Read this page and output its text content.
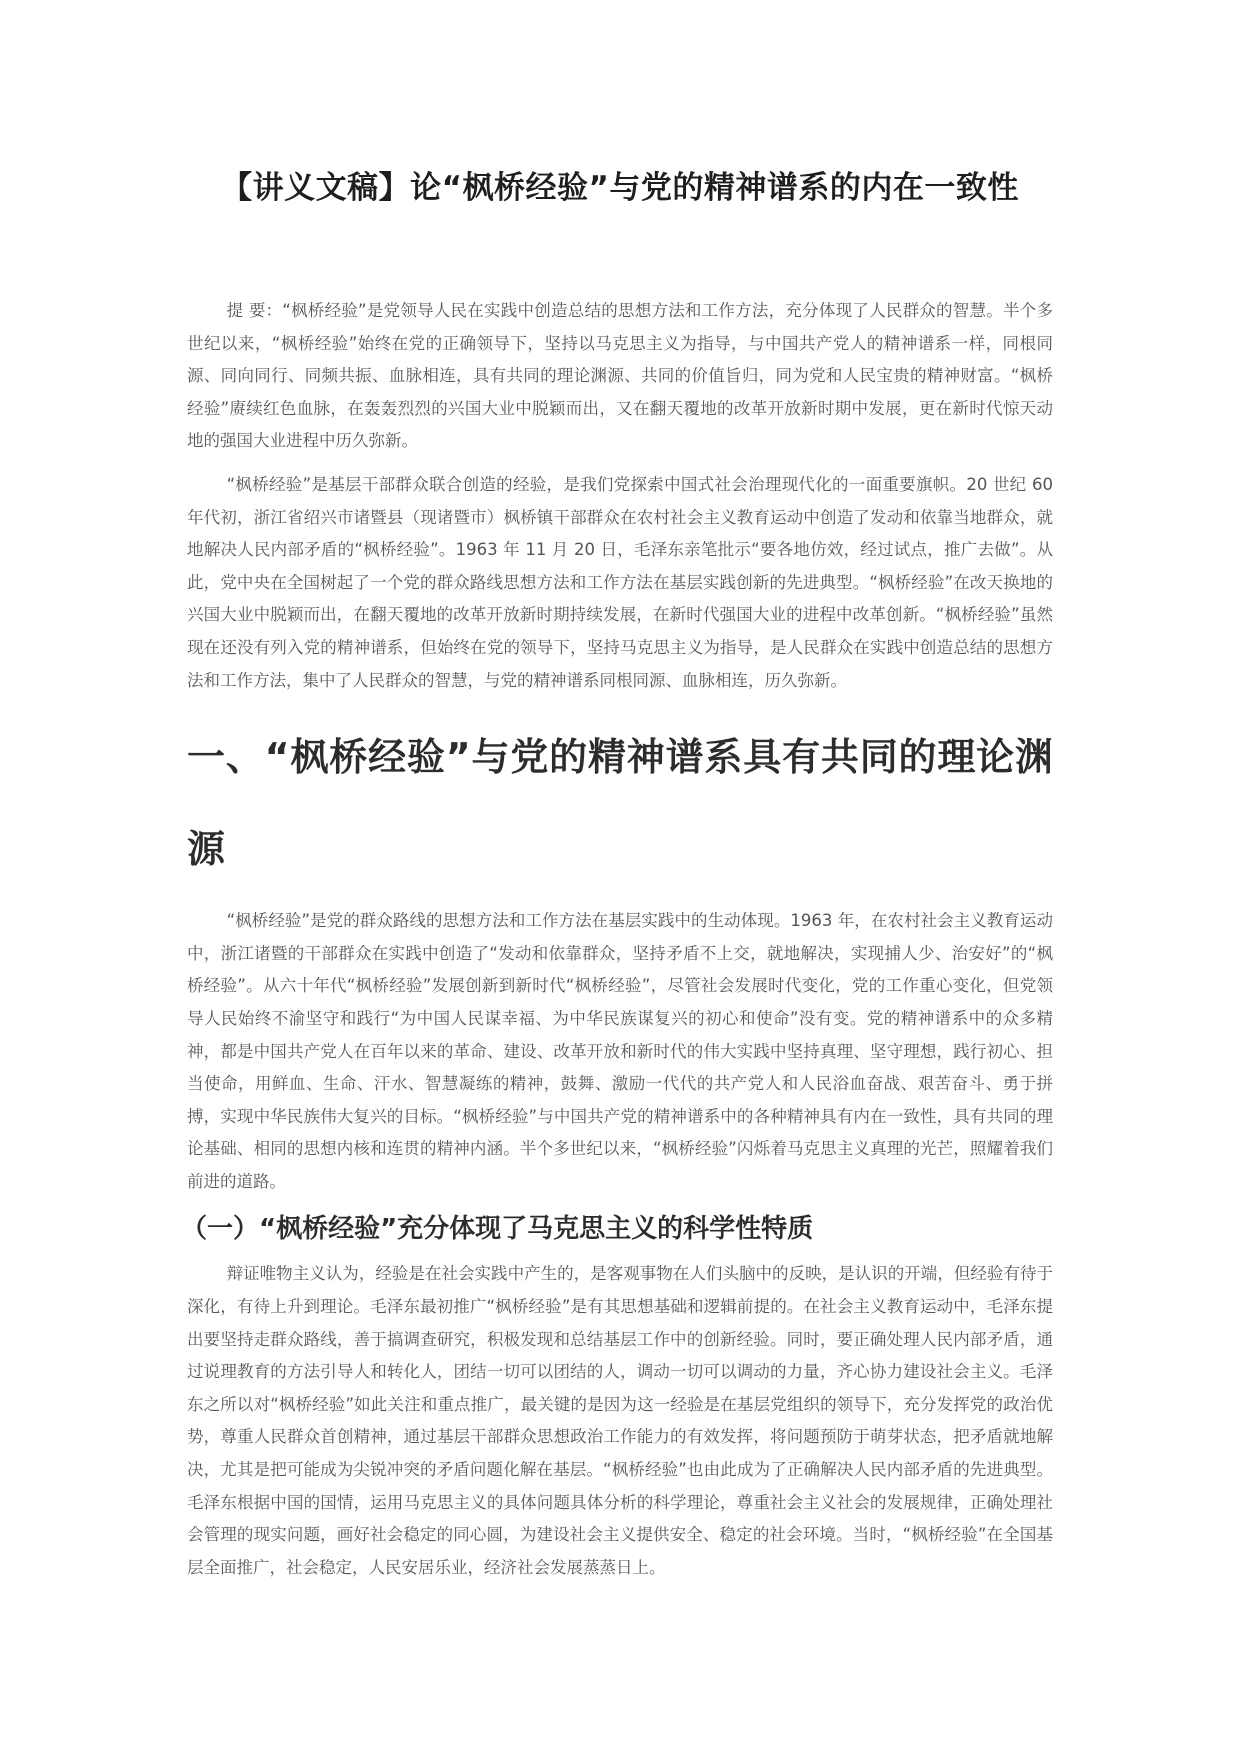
【讲义文稿】论“枫桥经验”与党的精神谱系的内在一致性

提 要：“枫桥经验”是党领导人民在实践中创造总结的思想方法和工作方法，充分体现了人民群众的智慧。半个多世纪以来，“枫桥经验”始终在党的正确领导下，坚持以马克思主义为指导，与中国共产党人的精神谱系一样，同根同源、同向同行、同频共振、血脉相连，具有共同的理论渊源、共同的价值旨归，同为党和人民宝贵的精神财富。“枫桥经验”赓续红色血脉，在轰轰烈烈的兴国大业中脱颖而出，又在翻天覆地的改革开放新时期中发展，更在新时代惊天动地的强国大业进程中历久弥新。

“枫桥经验”是基层干部群众联合创造的经验，是我们党探索中国式社会治理现代化的一面重要旗帜。20 世纪 60 年代初，浙江省绍兴市诸暨县（现诸暨市）枫桥镇干部群众在农村社会主义教育运动中创造了发动和依靠当地群众，就地解决人民内部矛盾的“枫桥经验”。1963 年 11 月 20 日，毛泽东亲笔批示“要各地仿效，经过试点，推广去做”。从此，党中央在全国树起了一个党的群众路线思想方法和工作方法在基层实践创新的先进典型。“枫桥经验”在改天换地的兴国大业中脱颖而出，在翻天覆地的改革开放新时期持续发展，在新时代强国大业的进程中改革创新。“枫桥经验”虽然现在还没有列入党的精神谱系，但始终在党的领导下，坚持马克思主义为指导，是人民群众在实践中创造总结的思想方法和工作方法，集中了人民群众的智慧，与党的精神谱系同根同源、血脉相连，历久弥新。

一、“枫桥经验”与党的精神谱系具有共同的理论渊源

“枫桥经验”是党的群众路线的思想方法和工作方法在基层实践中的生动体现。1963 年，在农村社会主义教育运动中，浙江诸暨的干部群众在实践中创造了“发动和依靠群众，坚持矛盾不上交，就地解决，实现捕人少、治安好”的“枫桥经验”。从六十年代“枫桥经验”发展创新到新时代“枫桥经验”，尽管社会发展时代变化，党的工作重心变化，但党领导人民始终不渝坚守和践行“为中国人民谋幸福、为中华民族谋复兴的初心和使命”没有变。党的精神谱系中的众多精神，都是中国共产党人在百年以来的革命、建设、改革开放和新时代的伟大实践中坚持真理、坚守理想，践行初心、担当使命，用鲜血、生命、汗水、智慧凝练的精神，鼓舞、激励一代代的共产党人和人民浴血奋战、艰苦奋斗、勇于拼搏，实现中华民族伟大复兴的目标。“枫桥经验”与中国共产党的精神谱系中的各种精神具有内在一致性，具有共同的理论基础、相同的思想内核和连贯的精神内涵。半个多世纪以来，“枫桥经验”闪烁着马克思主义真理的光芒，照耀着我们前进的道路。

（一）“枫桥经验”充分体现了马克思主义的科学性特质

辩证唯物主义认为，经验是在社会实践中产生的，是客观事物在人们头脑中的反映，是认识的开端，但经验有待于深化，有待上升到理论。毛泽东最初推广“枫桥经验”是有其思想基础和逻辑前提的。在社会主义教育运动中，毛泽东提出要坚持走群众路线，善于搞调查研究，积极发现和总结基层工作中的创新经验。同时，要正确处理人民内部矛盾，通过说理教育的方法引导人和转化人，团结一切可以团结的人，调动一切可以调动的力量，齐心协力建设社会主义。毛泽东之所以对“枫桥经验”如此关注和重点推广，最关键的是因为这一经验是在基层党组织的领导下，充分发挥党的政治优势，尊重人民群众首创精神，通过基层干部群众思想政治工作能力的有效发挥，将问题预防于萌芽状态，把矛盾就地解决，尤其是把可能成为尖锐冲突的矛盾问题化解在基层。“枫桥经验”也由此成为了正确解决人民内部矛盾的先进典型。毛泽东根据中国的国情，运用马克思主义的具体问题具体分析的科学理论，尊重社会主义社会的发展规律，正确处理社会管理的现实问题，画好社会稳定的同心圆，为建设社会主义提供安全、稳定的社会环境。当时，“枫桥经验”在全国基层全面推广，社会稳定，人民安居乐业，经济社会发展蒸蒸日上。
